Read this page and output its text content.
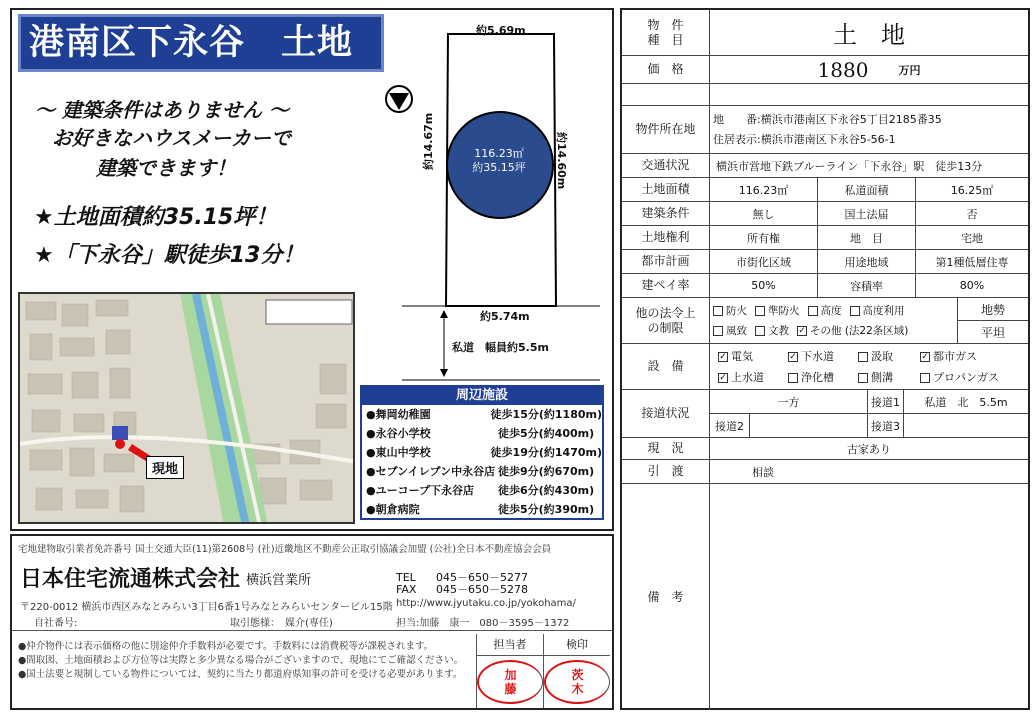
港南区下永谷　土地
～ 建築条件はありません ～
お好きなハウスメーカーで
建築できます！
★土地面積約35.15坪！
★「下永谷」駅徒歩13分！
約5.69m
約5.74m
約14.67m	約14.60m
116.23㎡
約35.15坪
私道　幅員約5.5m
現地
周辺施設
●舞岡幼稚園	徒歩15分(約1180m)
●永谷小学校	徒歩5分(約400m)
●東山中学校	徒歩19分(約1470m)
●セブンイレブン中永谷店 徒歩9分(約670m)
●ユーコープ下永谷店	徒歩6分(約430m)
●朝倉病院	徒歩5分(約390m)
宅地建物取引業者免許番号 国土交通大臣(11)第2608号 (社)近畿地区不動産公正取引協議会加盟 (公社)全日本不動産協会会員
日本住宅流通株式会社 横浜営業所	TEL	045－650－5277
FAX	045－650－5278
〒220-0012 横浜市西区みなとみらい3丁目6番1号みなとみらいセンタービル15階 http://www.jyutaku.co.jp/yokohama/
自社番号:	取引態様：　媒介(専任)	担当:加藤　康一　080－3595－1372
●仲介物件には表示価格の他に別途仲介手数料が必要です。手数料には消費税等が課税されます。
●間取図、土地面積および方位等は実際と多少異なる場合がございますので、現地にてご確認ください。
●国土法要と規制している物件については、契約に当たり都道府県知事の許可を受ける必要があります。
担当者	検印
加
藤
茨
木
物　件
種　目	土　地
価　格	1880	万円
物件所在地
地　　番:横浜市港南区下永谷5丁目2185番35
住居表示:横浜市港南区下永谷5-56-1
交通状況	横浜市営地下鉄ブルーライン「下永谷」駅　徒歩13分
土地面積	116.23㎡	私道面積	16.25㎡
建築条件	無し	国土法届	否
土地権利	所有権	地　目	宅地
都市計画	市街化区域	用途地域	第1種低層住専
建ペイ率	50%	容積率	80%
他の法令上
の制限
防火	準防火	高度	高度利用
風致	文教 ✓ その他 (法22条区域)
地勢
平坦
設　備
✓ 電気	✓ 下水道	汲取	✓ 都市ガス
✓ 上水道	浄化槽	側溝	プロパンガス
接道状況
一方	接道1	私道　北　5.5m
接道2	接道3
現　況	古家あり
引　渡	相談
備　考
